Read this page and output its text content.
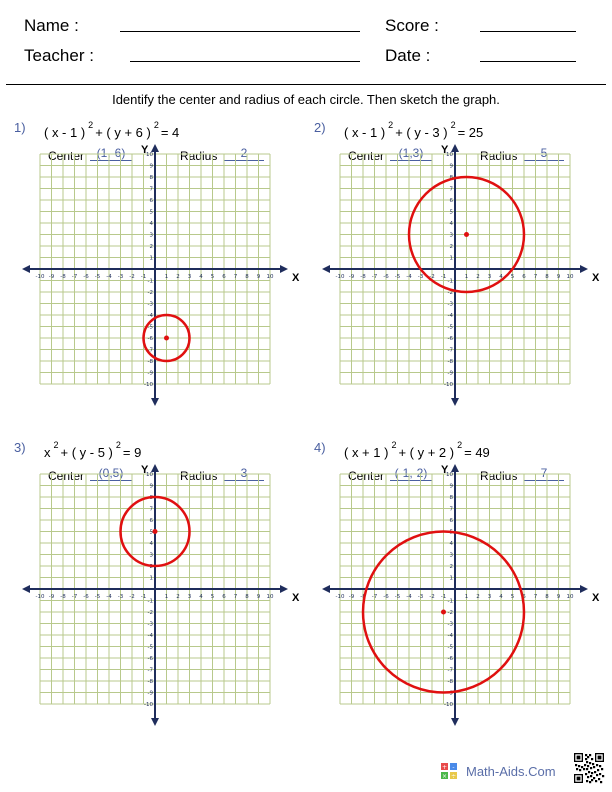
Name :	Score :
Teacher :	Date :
Identify the center and radius of each circle. Then sketch the graph.
+ -
× ÷ Math-Aids.Com
1) ( x - 1 ) $^2$ + ( y + 6 ) $^2$ = 4
Center	(1,-6)	Radius	2
X
Y
-10
-10
-9
-9
-8
-8
-7
-7
-6
-6
-5
-5
-4
-4
-3
-3
-2
-2
-1
-1
1
1
2
2
3
3
4
4
5
5
6
6
7
7
8
8
9
9
10
10
2) ( x - 1 ) $^2$ + ( y - 3 ) $^2$ = 25
Center	(1,3)	Radius	5
X
Y
-10
-10
-9
-9
-8
-8
-7
-7
-6
-6
-5
-5
-4
-4
-3
-3
-2
-2
-1
-1
1
1
2
2
3
3
4
4
5
5
6
6
7
7
8
8
9
9
10
10
3) x $^2$ + ( y - 5 ) $^2$ = 9
Center	(0,5)	Radius	3
X
Y
-10
-10
-9
-9
-8
-8
-7
-7
-6
-6
-5
-5
-4
-4
-3
-3
-2
-2
-1
-1
1
1
2
2
3
3
4
4
5
5
6
6
7
7
8
8
9
9
10
10
4) ( x + 1 ) $^2$ + ( y + 2 ) $^2$ = 49
Center (-1,-2)	Radius	7
X
Y
-10
-10
-9
-9
-8
-8
-7
-7
-6
-6
-5
-5
-4
-4
-3
-3
-2
-2
-1
-1
1
1
2
2
3
3
4
4
5
5
6
6
7
7
8
8
9
9
10
10
